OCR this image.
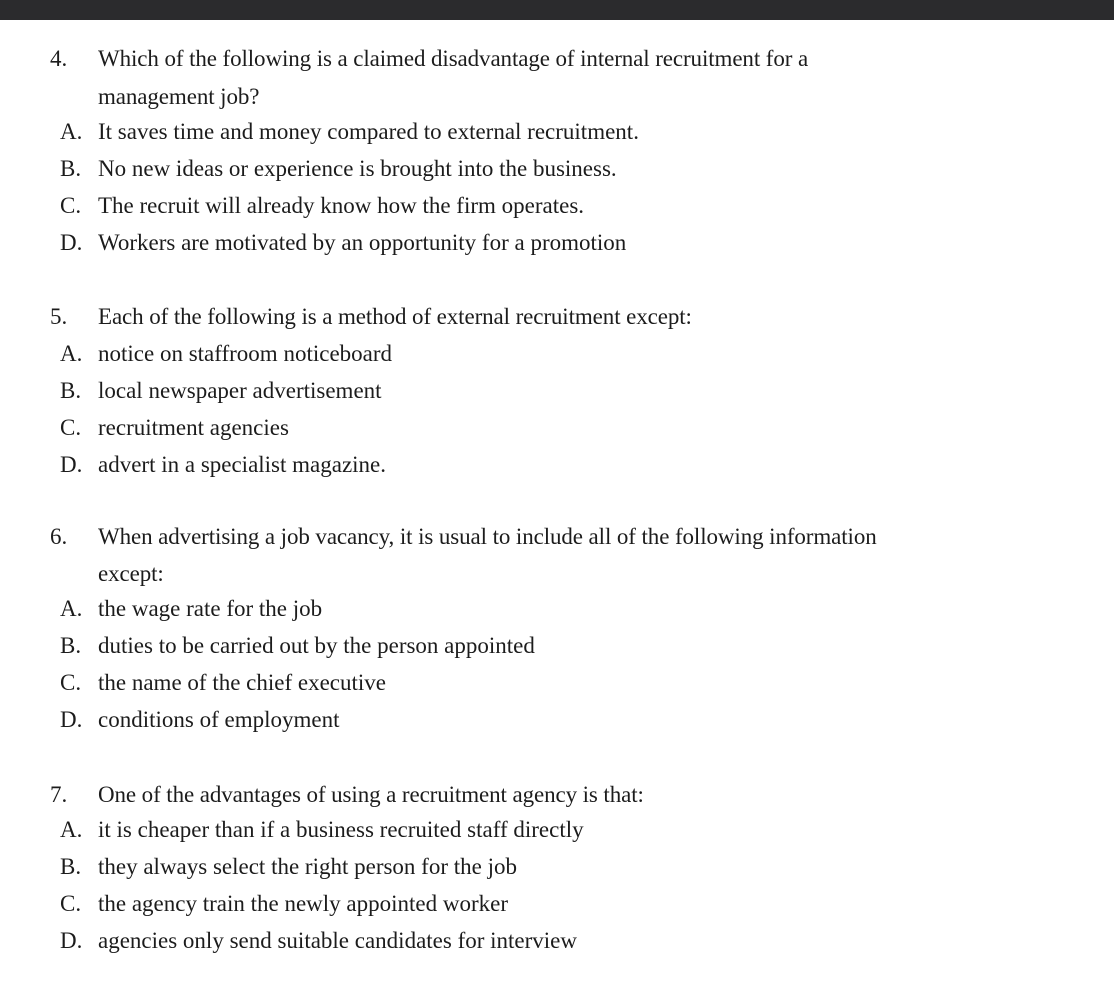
4. Which of the following is a claimed disadvantage of internal recruitment for a
management job?
A. It saves time and money compared to external recruitment.
B. No new ideas or experience is brought into the business.
C. The recruit will already know how the firm operates.
D. Workers are motivated by an opportunity for a promotion
5. Each of the following is a method of external recruitment except:
A. notice on staffroom noticeboard
B. local newspaper advertisement
C. recruitment agencies
D. advert in a specialist magazine.
6. When advertising a job vacancy, it is usual to include all of the following information
except:
A. the wage rate for the job
B. duties to be carried out by the person appointed
C. the name of the chief executive
D. conditions of employment
7. One of the advantages of using a recruitment agency is that:
A. it is cheaper than if a business recruited staff directly
B. they always select the right person for the job
C. the agency train the newly appointed worker
D. agencies only send suitable candidates for interview
